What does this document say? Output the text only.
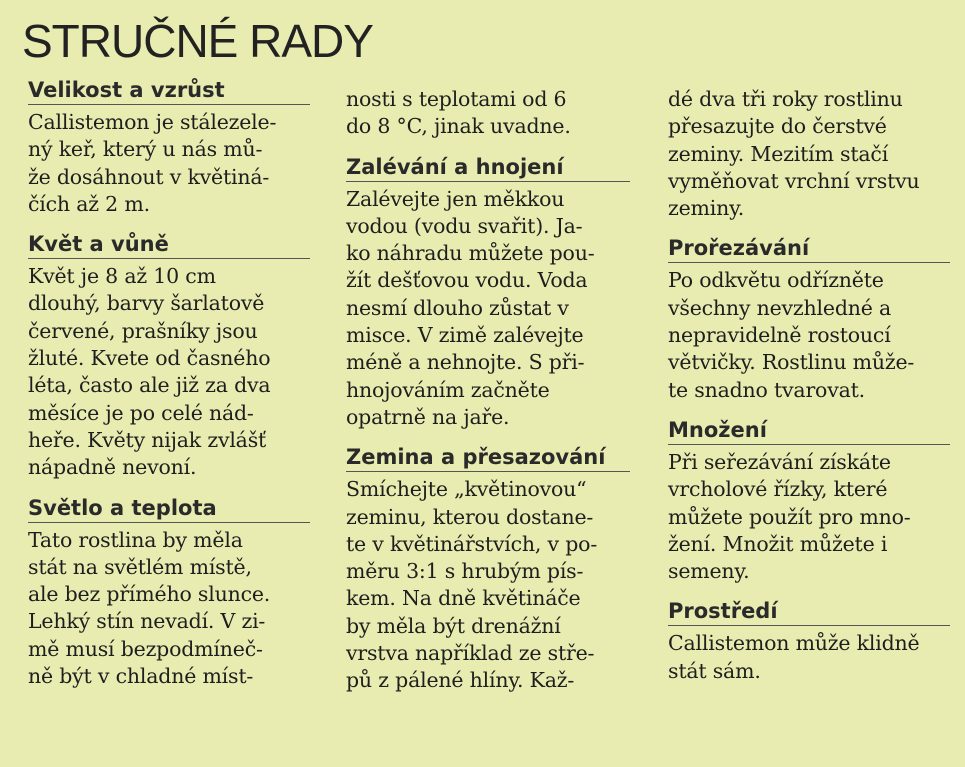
STRUČNÉ RADY
Velikost a vzrůst
Callistemon je stálezele-
ný keř, který u nás mů-
že dosáhnout v květiná-
čích až 2 m.
Květ a vůně
Květ je 8 až 10 cm
dlouhý, barvy šarlatově
červené, prašníky jsou
žluté. Kvete od časného
léta, často ale již za dva
měsíce je po celé nád-
heře. Květy nijak zvlášť
nápadně nevoní.
Světlo a teplota
Tato rostlina by měla
stát na světlém místě,
ale bez přímého slunce.
Lehký stín nevadí. V zi-
mě musí bezpodmíneč-
ně být v chladné míst-
nosti s teplotami od 6
do 8 °C, jinak uvadne.
Zalévání a hnojení
Zalévejte jen měkkou
vodou (vodu svařit). Ja-
ko náhradu můžete pou-
žít dešťovou vodu. Voda
nesmí dlouho zůstat v
misce. V zimě zalévejte
méně a nehnojte. S při-
hnojováním začněte
opatrně na jaře.
Zemina a přesazování
Smíchejte „květinovou“
zeminu, kterou dostane-
te v květinářstvích, v po-
měru 3:1 s hrubým pís-
kem. Na dně květináče
by měla být drenážní
vrstva například ze stře-
pů z pálené hlíny. Kaž-
dé dva tři roky rostlinu
přesazujte do čerstvé
zeminy. Mezitím stačí
vyměňovat vrchní vrstvu
zeminy.
Prořezávání
Po odkvětu odřízněte
všechny nevzhledné a
nepravidelně rostoucí
větvičky. Rostlinu může-
te snadno tvarovat.
Množení
Při seřezávání získáte
vrcholové řízky, které
můžete použít pro mno-
žení. Množit můžete i
semeny.
Prostředí
Callistemon může klidně
stát sám.
